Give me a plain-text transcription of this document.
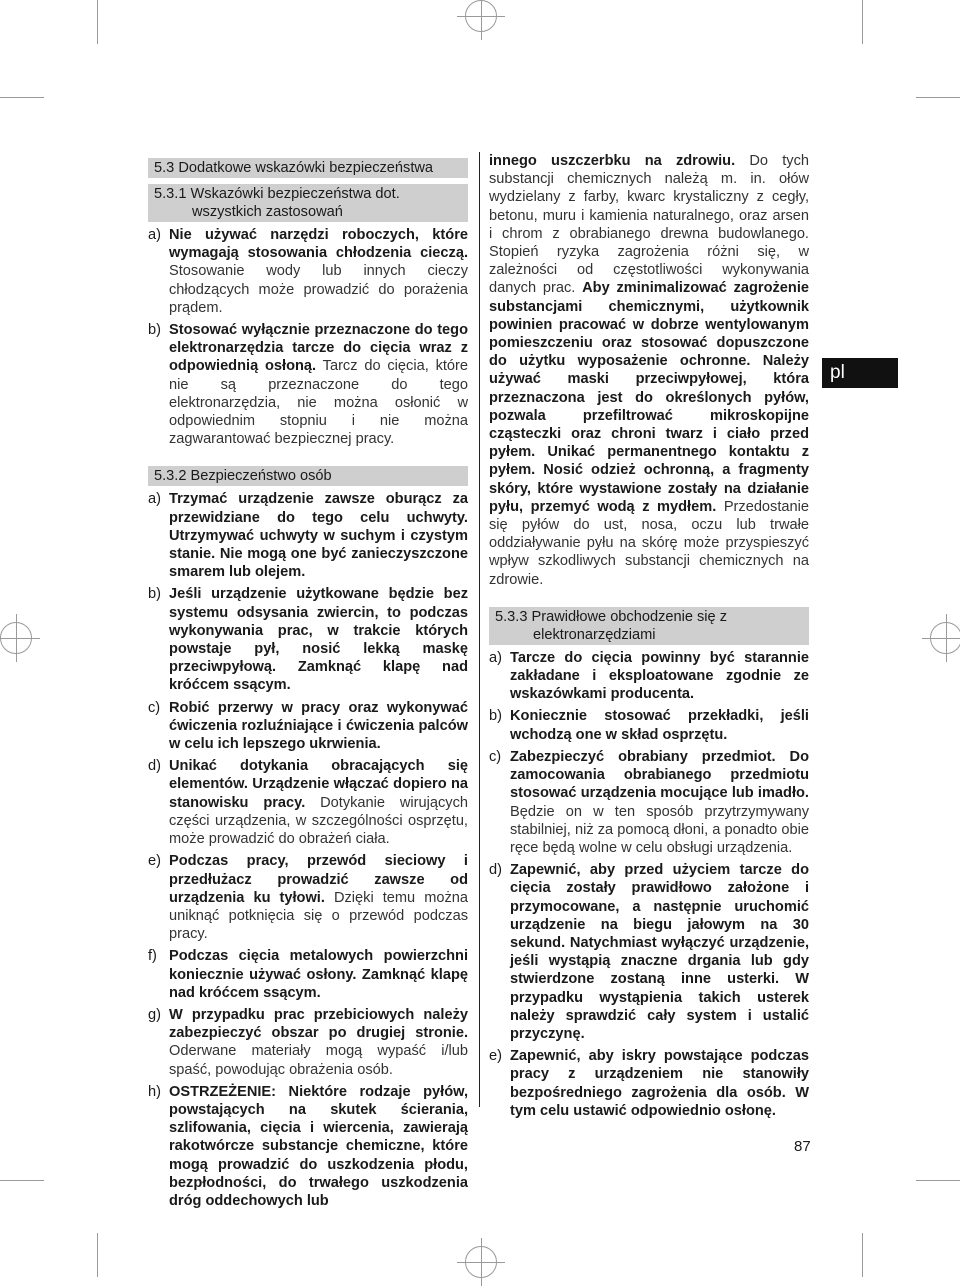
pl
5.3 Dodatkowe wskazówki bezpieczeństwa
5.3.1 Wskazówki bezpieczeństwa dot.
wszystkich zastosowań
a) Nie używać narzędzi roboczych, które wymagają stosowania chłodzenia cieczą. Stosowanie wody lub innych cieczy chłodzących może prowadzić do porażenia prądem.
b) Stosować wyłącznie przeznaczone do tego elektronarzędzia tarcze do cięcia wraz z odpowiednią osłoną. Tarcz do cięcia, które nie są przeznaczone do tego elektronarzędzia, nie można osłonić w odpowiednim stopniu i nie można zagwarantować bezpiecznej pracy.
5.3.2 Bezpieczeństwo osób
a) Trzymać urządzenie zawsze oburącz za przewidziane do tego celu uchwyty. Utrzymywać uchwyty w suchym i czystym stanie. Nie mogą one być zanieczyszczone smarem lub olejem.
b) Jeśli urządzenie użytkowane będzie bez systemu odsysania zwiercin, to podczas wykonywania prac, w trakcie których powstaje pył, nosić lekką maskę przeciwpyłową. Zamknąć klapę nad króćcem ssącym.
c) Robić przerwy w pracy oraz wykonywać ćwiczenia rozluźniające i ćwiczenia palców w celu ich lepszego ukrwienia.
d) Unikać dotykania obracających się elementów. Urządzenie włączać dopiero na stanowisku pracy. Dotykanie wirujących części urządzenia, w szczególności osprzętu, może prowadzić do obrażeń ciała.
e) Podczas pracy, przewód sieciowy i przedłużacz prowadzić zawsze od urządzenia ku tyłowi. Dzięki temu można uniknąć potknięcia się o przewód podczas pracy.
f) Podczas cięcia metalowych powierzchni koniecznie używać osłony. Zamknąć klapę nad króćcem ssącym.
g) W przypadku prac przebiciowych należy zabezpieczyć obszar po drugiej stronie. Oderwane materiały mogą wypaść i/lub spaść, powodując obrażenia osób.
h) OSTRZEŻENIE: Niektóre rodzaje pyłów, powstających na skutek ścierania, szlifowania, cięcia i wiercenia, zawierają rakotwórcze substancje chemiczne, które mogą prowadzić do uszkodzenia płodu, bezpłodności, do trwałego uszkodzenia dróg oddechowych lub
innego uszczerbku na zdrowiu. Do tych substancji chemicznych należą m. in. ołów wydzielany z farby, kwarc krystaliczny z cegły, betonu, muru i kamienia naturalnego, oraz arsen i chrom z obrabianego drewna budowlanego. Stopień ryzyka zagrożenia różni się, w zależności od częstotliwości wykonywania danych prac. Aby zminimalizować zagrożenie substancjami chemicznymi, użytkownik powinien pracować w dobrze wentylowanym pomieszczeniu oraz stosować dopuszczone do użytku wyposażenie ochronne. Należy używać maski przeciwpyłowej, która przeznaczona jest do określonych pyłów, pozwala przefiltrować mikroskopijne cząsteczki oraz chroni twarz i ciało przed pyłem. Unikać permanentnego kontaktu z pyłem. Nosić odzież ochronną, a fragmenty skóry, które wystawione zostały na działanie pyłu, przemyć wodą z mydłem. Przedostanie się pyłów do ust, nosa, oczu lub trwałe oddziaływanie pyłu na skórę może przyspieszyć wpływ szkodliwych substancji chemicznych na zdrowie.
5.3.3 Prawidłowe obchodzenie się z
elektronarzędziami
a) Tarcze do cięcia powinny być starannie zakładane i eksploatowane zgodnie ze wskazówkami producenta.
b) Koniecznie stosować przekładki, jeśli wchodzą one w skład osprzętu.
c) Zabezpieczyć obrabiany przedmiot. Do zamocowania obrabianego przedmiotu stosować urządzenia mocujące lub imadło. Będzie on w ten sposób przytrzymywany stabilniej, niż za pomocą dłoni, a ponadto obie ręce będą wolne w celu obsługi urządzenia.
d) Zapewnić, aby przed użyciem tarcze do cięcia zostały prawidłowo założone i przymocowane, a następnie uruchomić urządzenie na biegu jałowym na 30 sekund. Natychmiast wyłączyć urządzenie, jeśli wystąpią znaczne drgania lub gdy stwierdzone zostaną inne usterki. W przypadku wystąpienia takich usterek należy sprawdzić cały system i ustalić przyczynę.
e) Zapewnić, aby iskry powstające podczas pracy z urządzeniem nie stanowiły bezpośredniego zagrożenia dla osób. W tym celu ustawić odpowiednio osłonę.
87
